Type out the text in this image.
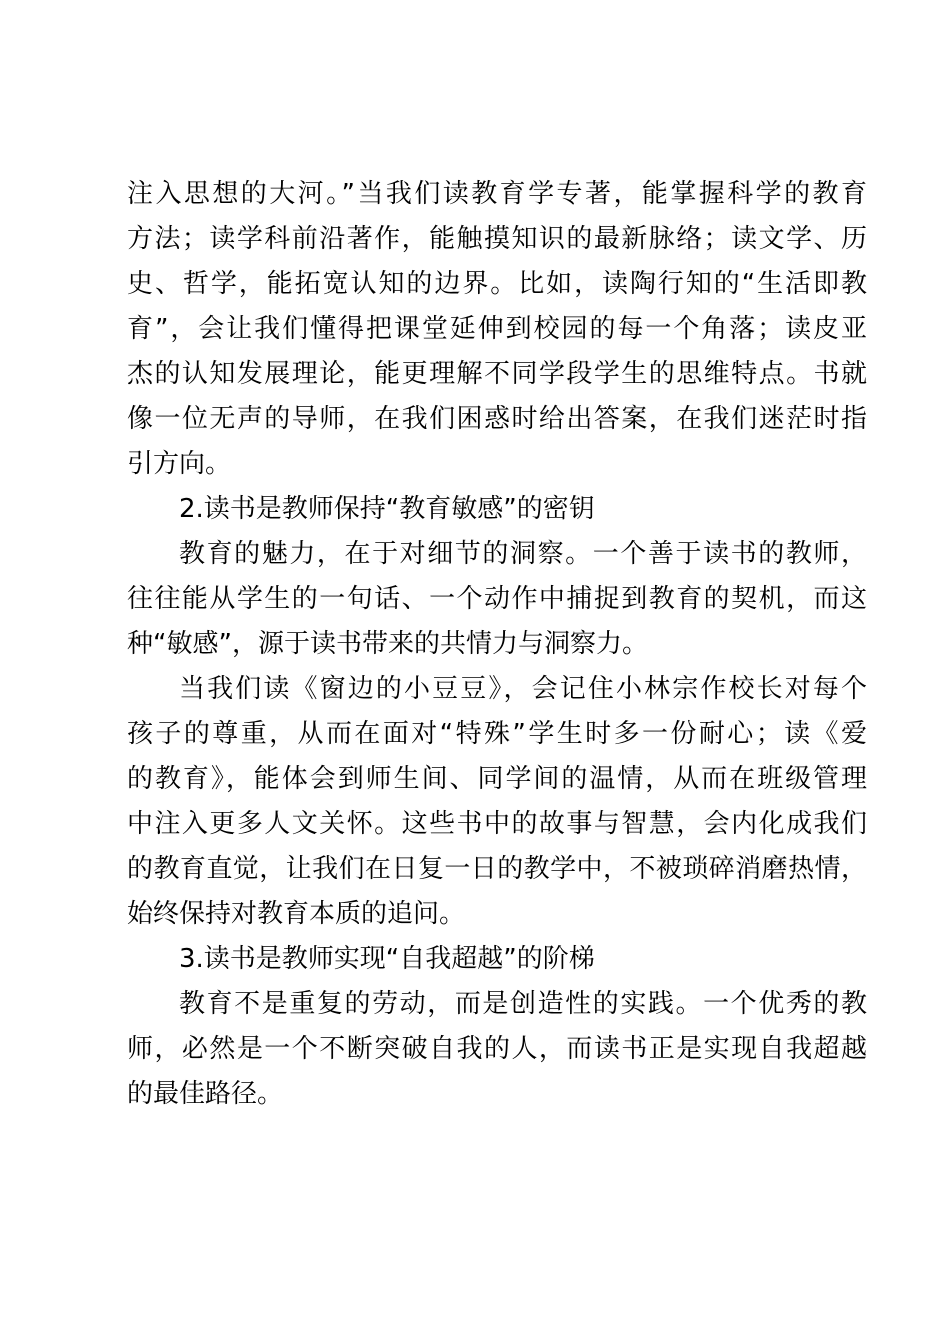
注入思想的大河。”当我们读教育学专著，能掌握科学的教育
方法；读学科前沿著作，能触摸知识的最新脉络；读文学、历
史、哲学，能拓宽认知的边界。比如，读陶行知的“生活即教
育”，会让我们懂得把课堂延伸到校园的每一个角落；读皮亚
杰的认知发展理论，能更理解不同学段学生的思维特点。书就
像一位无声的导师，在我们困惑时给出答案，在我们迷茫时指
引方向。
2.读书是教师保持“教育敏感”的密钥
教育的魅力，在于对细节的洞察。一个善于读书的教师，
往往能从学生的一句话、一个动作中捕捉到教育的契机，而这
种“敏感”，源于读书带来的共情力与洞察力。
当我们读《窗边的小豆豆》，会记住小林宗作校长对每个
孩子的尊重，从而在面对“特殊”学生时多一份耐心；读《爱
的教育》，能体会到师生间、同学间的温情，从而在班级管理
中注入更多人文关怀。这些书中的故事与智慧，会内化成我们
的教育直觉，让我们在日复一日的教学中，不被琐碎消磨热情，
始终保持对教育本质的追问。
3.读书是教师实现“自我超越”的阶梯
教育不是重复的劳动，而是创造性的实践。一个优秀的教
师，必然是一个不断突破自我的人，而读书正是实现自我超越
的最佳路径。
